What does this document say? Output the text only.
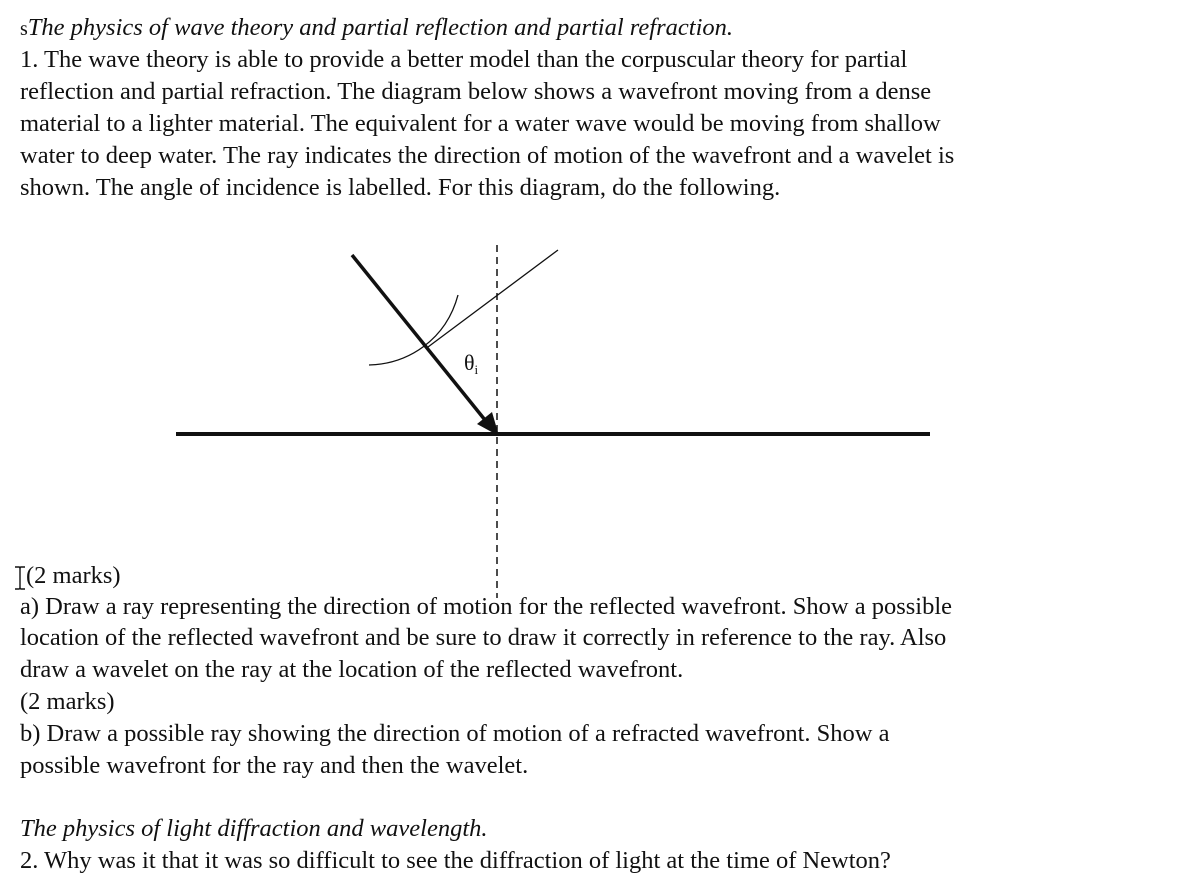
sThe physics of wave theory and partial reflection and partial refraction.
1. The wave theory is able to provide a better model than the corpuscular theory for partial
reflection and partial refraction. The diagram below shows a wavefront moving from a dense
material to a lighter material. The equivalent for a water wave would be moving from shallow
water to deep water. The ray indicates the direction of motion of the wavefront and a wavelet is
shown. The angle of incidence is labelled. For this diagram, do the following.
θi
(2 marks)
a) Draw a ray representing the direction of motion for the reflected wavefront. Show a possible
location of the reflected wavefront and be sure to draw it correctly in reference to the ray. Also
draw a wavelet on the ray at the location of the reflected wavefront.
(2 marks)
b) Draw a possible ray showing the direction of motion of a refracted wavefront. Show a
possible wavefront for the ray and then the wavelet.
The physics of light diffraction and wavelength.
2. Why was it that it was so difficult to see the diffraction of light at the time of Newton?
